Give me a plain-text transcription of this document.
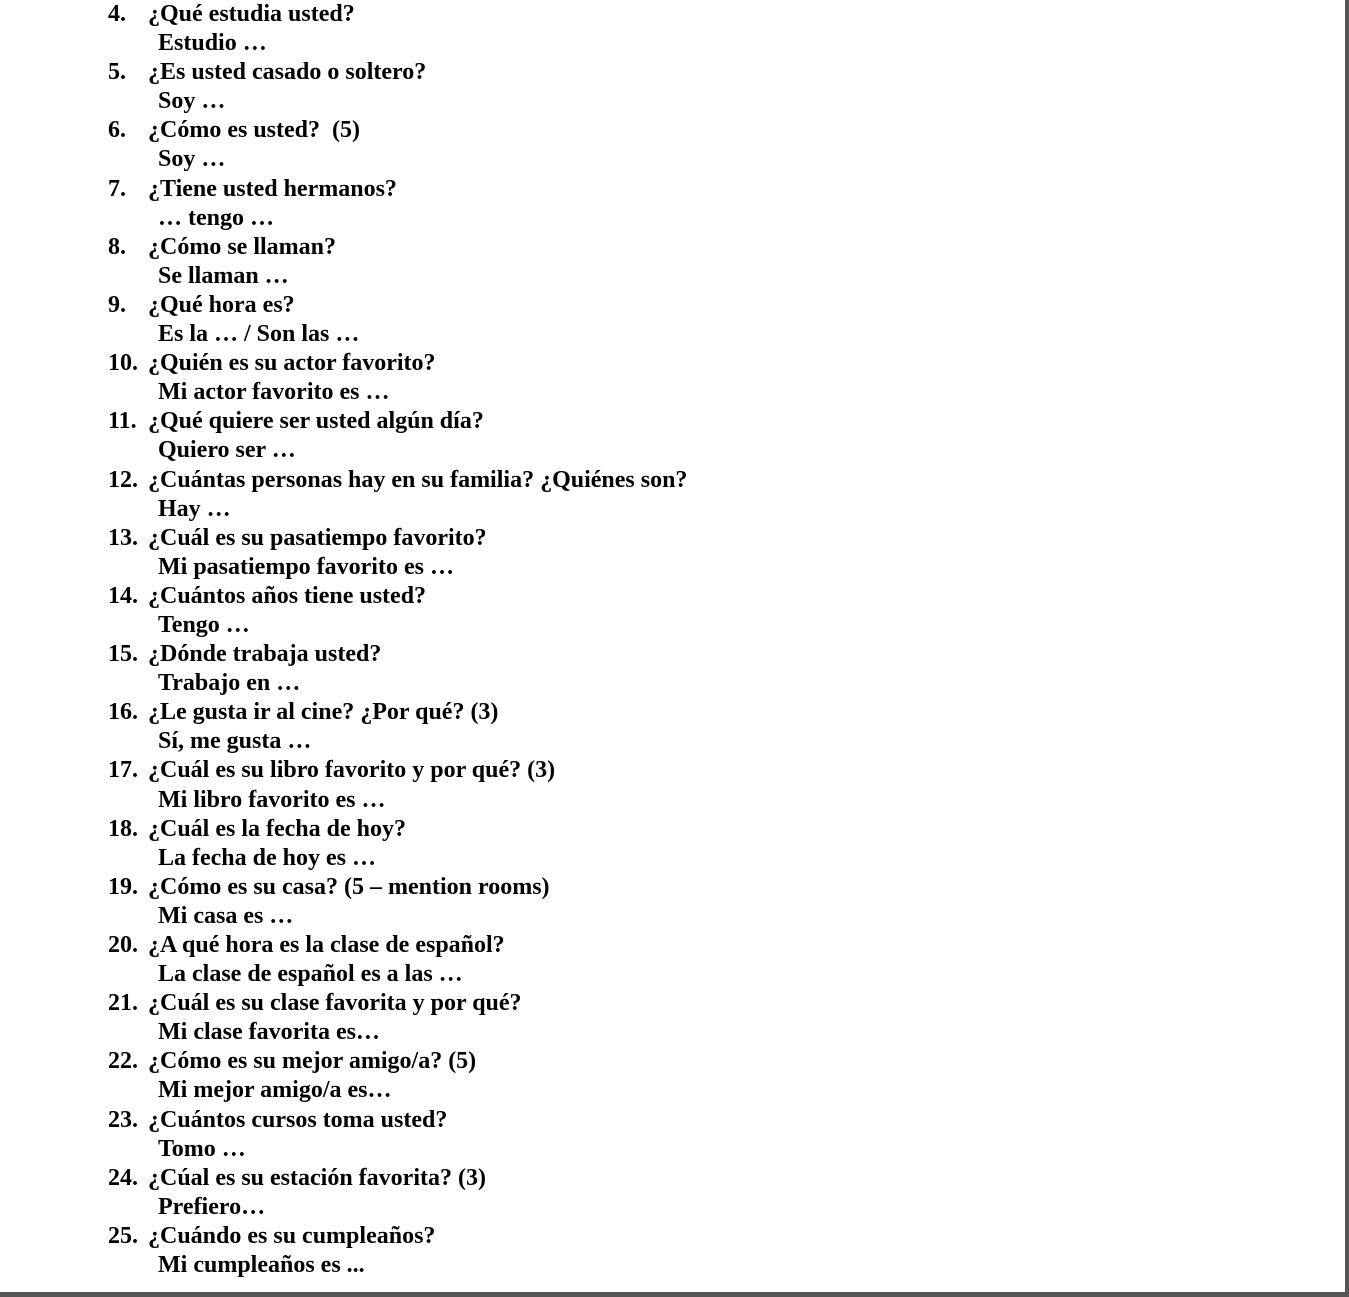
4. ¿Qué estudia usted?
Estudio …
5. ¿Es usted casado o soltero?
Soy …
6. ¿Cómo es usted?  (5)
Soy …
7. ¿Tiene usted hermanos?
… tengo …
8. ¿Cómo se llaman?
Se llaman …
9. ¿Qué hora es?
Es la … / Son las …
10. ¿Quién es su actor favorito?
Mi actor favorito es …
11. ¿Qué quiere ser usted algún día?
Quiero ser …
12. ¿Cuántas personas hay en su familia? ¿Quiénes son?
Hay …
13. ¿Cuál es su pasatiempo favorito?
Mi pasatiempo favorito es …
14. ¿Cuántos años tiene usted?
Tengo …
15. ¿Dónde trabaja usted?
Trabajo en …
16. ¿Le gusta ir al cine? ¿Por qué? (3)
Sí, me gusta …
17. ¿Cuál es su libro favorito y por qué? (3)
Mi libro favorito es …
18. ¿Cuál es la fecha de hoy?
La fecha de hoy es …
19. ¿Cómo es su casa? (5 – mention rooms)
Mi casa es …
20. ¿A qué hora es la clase de español?
La clase de español es a las …
21. ¿Cuál es su clase favorita y por qué?
Mi clase favorita es…
22. ¿Cómo es su mejor amigo/a? (5)
Mi mejor amigo/a es…
23. ¿Cuántos cursos toma usted?
Tomo …
24. ¿Cúal es su estación favorita? (3)
Prefiero…
25. ¿Cuándo es su cumpleaños?
Mi cumpleaños es ...
